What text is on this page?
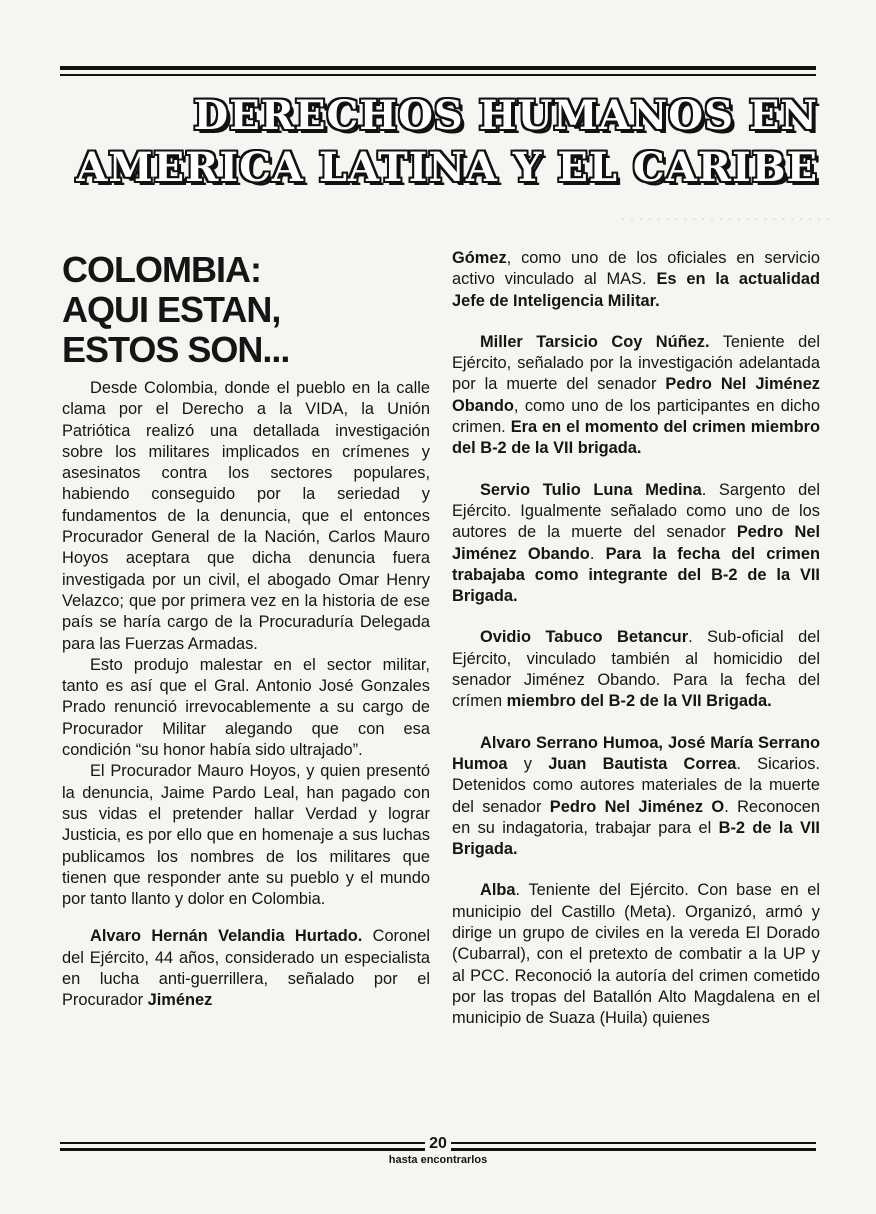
. . . . . . . . . . . . . . . . . . . . . . . .
DERECHOS HUMANOS EN
AMERICA LATINA Y EL CARIBE
COLOMBIA:
AQUI ESTAN,
ESTOS SON...

Desde Colombia, donde el pueblo en la calle clama por el Derecho a la VIDA, la Unión Patriótica realizó una detallada investigación sobre los militares implicados en crímenes y asesinatos contra los sectores populares, habiendo conseguido por la seriedad y fundamentos de la denuncia, que el entonces Procurador General de la Nación, Carlos Mauro Hoyos aceptara que dicha denuncia fuera investigada por un civil, el abogado Omar Henry Velazco; que por primera vez en la historia de ese país se haría cargo de la Procuraduría Delegada para las Fuerzas Armadas.

Esto produjo malestar en el sector militar, tanto es así que el Gral. Antonio José Gonzales Prado renunció irrevocablemente a su cargo de Procurador Militar alegando que con esa condición “su honor había sido ultrajado”.

El Procurador Mauro Hoyos, y quien presentó la denuncia, Jaime Pardo Leal, han pagado con sus vidas el pretender hallar Verdad y lograr Justicia, es por ello que en homenaje a sus luchas publicamos los nombres de los militares que tienen que responder ante su pueblo y el mundo por tanto llanto y dolor en Colombia.

Alvaro Hernán Velandia Hurtado. Coronel del Ejército, 44 años, considerado un especialista en lucha anti-guerrillera, señalado por el Procurador Jiménez

Gómez, como uno de los oficiales en servicio activo vinculado al MAS. Es en la actualidad Jefe de Inteligencia Militar.

Miller Tarsicio Coy Núñez. Teniente del Ejército, señalado por la investigación adelantada por la muerte del senador Pedro Nel Jiménez Obando, como uno de los participantes en dicho crimen. Era en el momento del crimen miembro del B-2 de la VII brigada.

Servio Tulio Luna Medina. Sargento del Ejército. Igualmente señalado como uno de los autores de la muerte del senador Pedro Nel Jiménez Obando. Para la fecha del crimen trabajaba como integrante del B-2 de la VII Brigada.

Ovidio Tabuco Betancur. Sub-oficial del Ejército, vinculado también al homicidio del senador Jiménez Obando. Para la fecha del crímen miembro del B-2 de la VII Brigada.

Alvaro Serrano Humoa, José María Serrano Humoa y Juan Bautista Correa. Sicarios. Detenidos como autores materiales de la muerte del senador Pedro Nel Jiménez O. Reconocen en su indagatoria, trabajar para el B-2 de la VII Brigada.

Alba. Teniente del Ejército. Con base en el municipio del Castillo (Meta). Organizó, armó y dirige un grupo de civiles en la vereda El Dorado (Cubarral), con el pretexto de combatir a la UP y al PCC. Reconoció la autoría del crimen cometido por las tropas del Batallón Alto Magdalena en el municipio de Suaza (Huila) quienes

20
hasta encontrarlos
